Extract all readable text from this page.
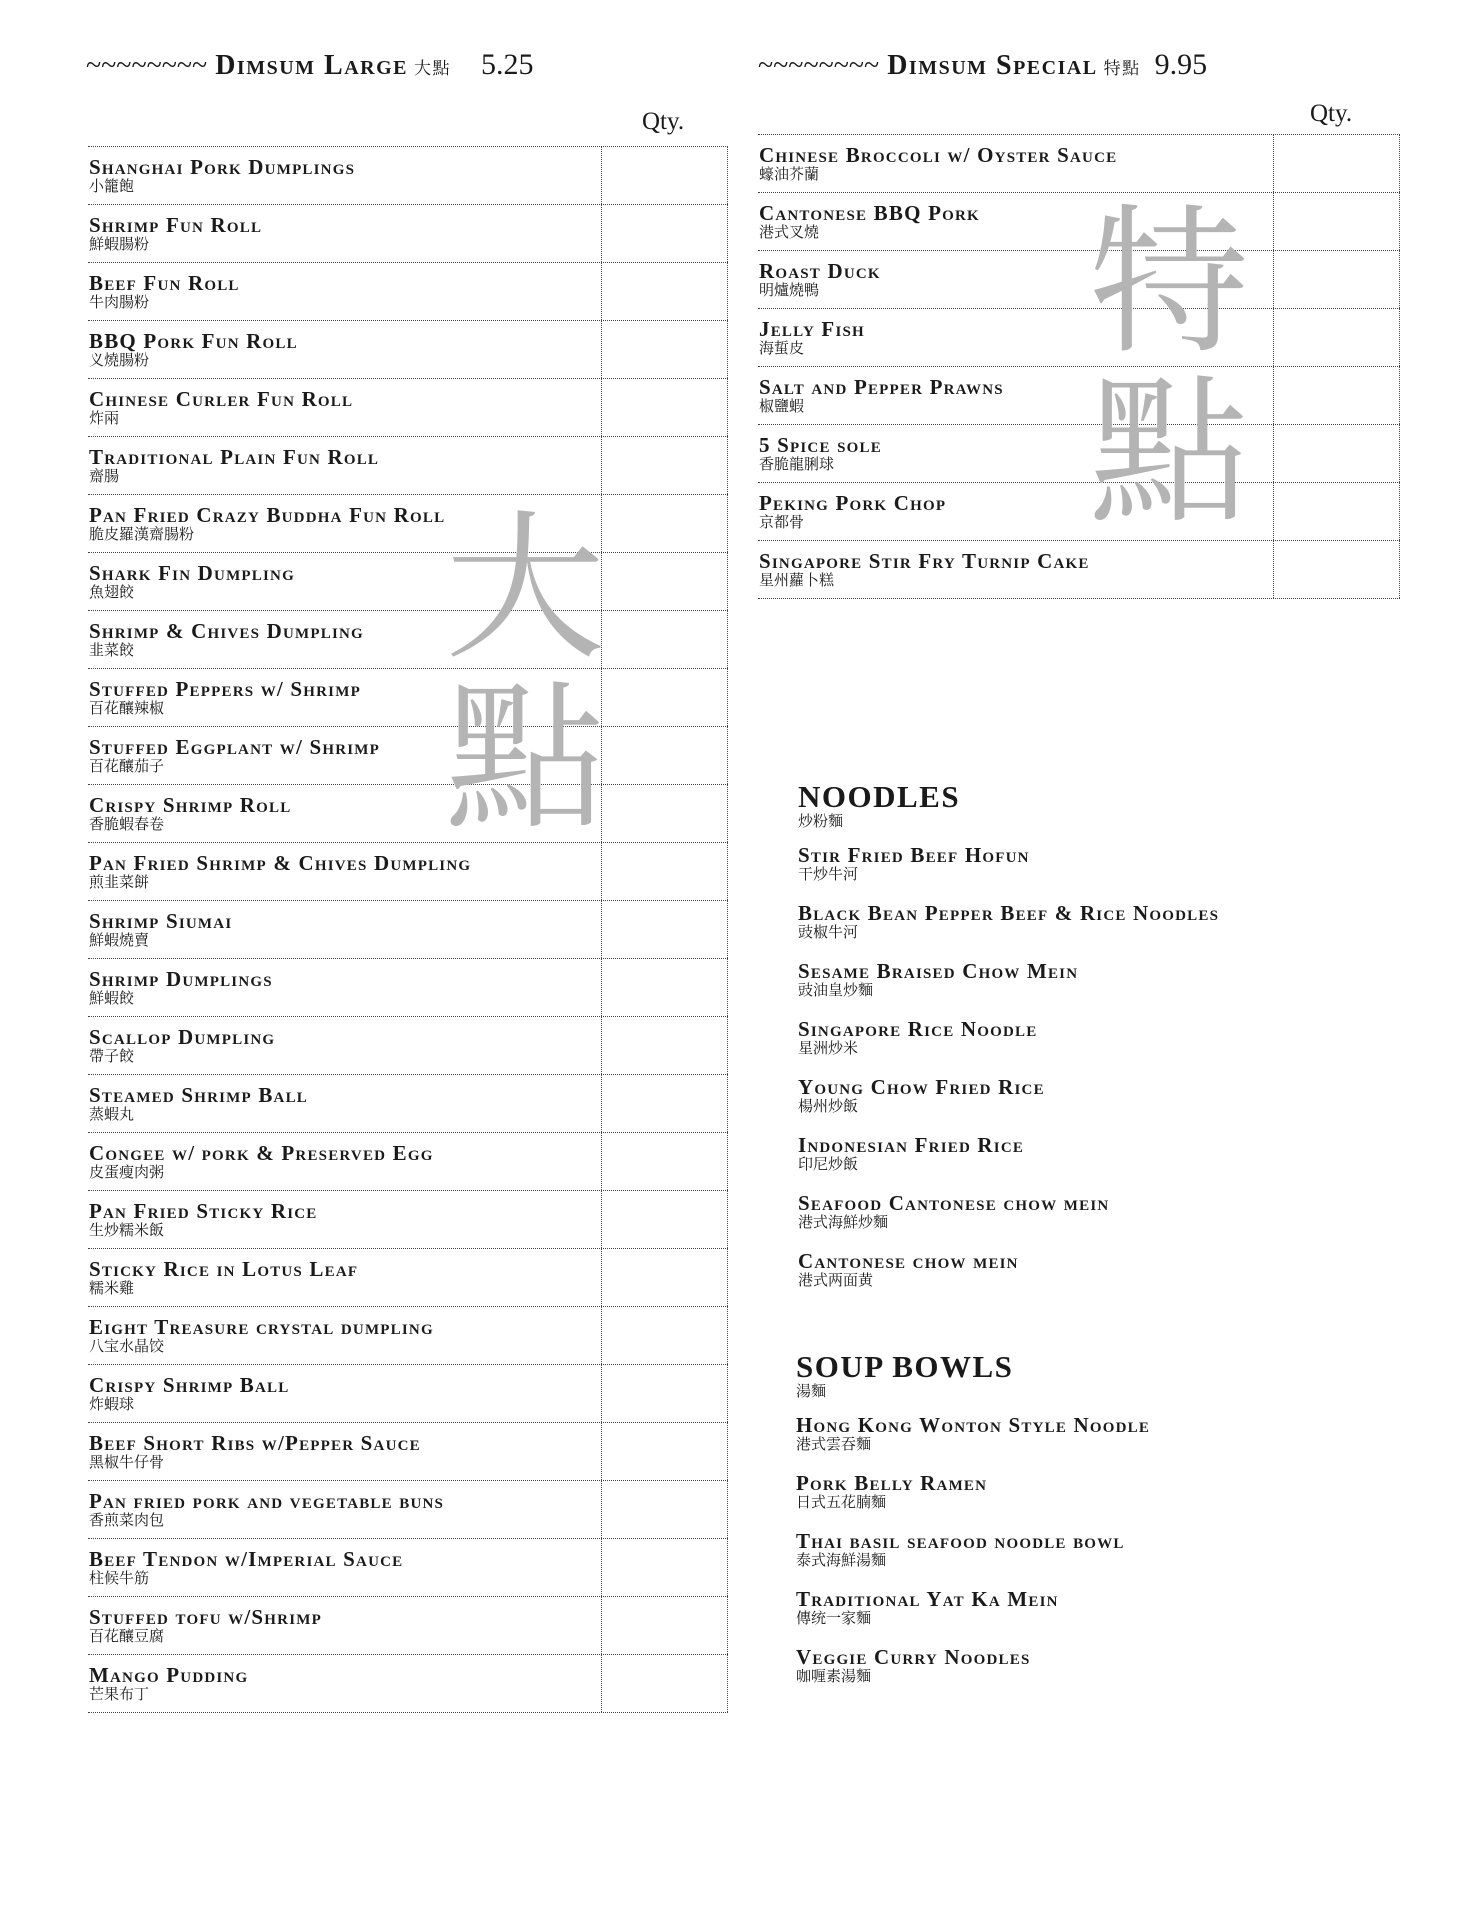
~~~~~~~~ Dimsum Large 大點 5.25
Qty.
Shanghai Pork Dumplings
小籠飽
Shrimp Fun Roll
鮮蝦腸粉
Beef Fun Roll
牛肉腸粉
BBQ Pork Fun Roll
义燒腸粉
Chinese Curler Fun Roll
炸兩
Traditional Plain Fun Roll
齋腸
Pan Fried Crazy Buddha Fun Roll
脆皮羅漢齋腸粉
Shark Fin Dumpling
魚翅餃
Shrimp & Chives Dumpling
韭菜餃
Stuffed Peppers w/ Shrimp
百花釀辣椒
Stuffed Eggplant w/ Shrimp
百花釀茄子
Crispy Shrimp Roll
香脆蝦春卷
Pan Fried Shrimp & Chives Dumpling
煎韭菜餅
Shrimp Siumai
鮮蝦燒賣
Shrimp Dumplings
鮮蝦餃
Scallop Dumpling
帶子餃
Steamed Shrimp Ball
蒸蝦丸
Congee w/ pork & Preserved Egg
皮蛋瘦肉粥
Pan Fried Sticky Rice
生炒糯米飯
Sticky Rice in Lotus Leaf
糯米雞
Eight Treasure crystal dumpling
八宝水晶饺
Crispy Shrimp Ball
炸蝦球
Beef Short Ribs w/Pepper Sauce
黑椒牛仔骨
Pan fried pork and vegetable buns
香煎菜肉包
Beef Tendon w/Imperial Sauce
柱候牛筋
Stuffed tofu w/Shrimp
百花釀豆腐
Mango Pudding
芒果布丁
大
點
~~~~~~~~ Dimsum Special 特點 9.95
Qty.
Chinese Broccoli w/ Oyster Sauce
蠔油芥蘭
Cantonese BBQ Pork
港式叉燒
Roast Duck
明爐燒鴨
Jelly Fish
海蜇皮
Salt and Pepper Prawns
椒鹽蝦
5 Spice sole
香脆龍脷球
Peking Pork Chop
京都骨
Singapore Stir Fry Turnip Cake
星州蘿卜糕
特
點
NOODLES
炒粉麵
Stir Fried Beef Hofun
干炒牛河
Black Bean Pepper Beef & Rice Noodles
豉椒牛河
Sesame Braised Chow Mein
豉油皇炒麵
Singapore Rice Noodle
星洲炒米
Young Chow Fried Rice
楊州炒飯
Indonesian Fried Rice
印尼炒飯
Seafood Cantonese chow mein
港式海鮮炒麵
Cantonese chow mein
港式两面黄
SOUP BOWLS
湯麵
Hong Kong Wonton Style Noodle
港式雲吞麵
Pork Belly Ramen
日式五花腩麵
Thai basil seafood noodle bowl
泰式海鮮湯麵
Traditional Yat Ka Mein
傳统一家麵
Veggie Curry Noodles
咖喱素湯麵
